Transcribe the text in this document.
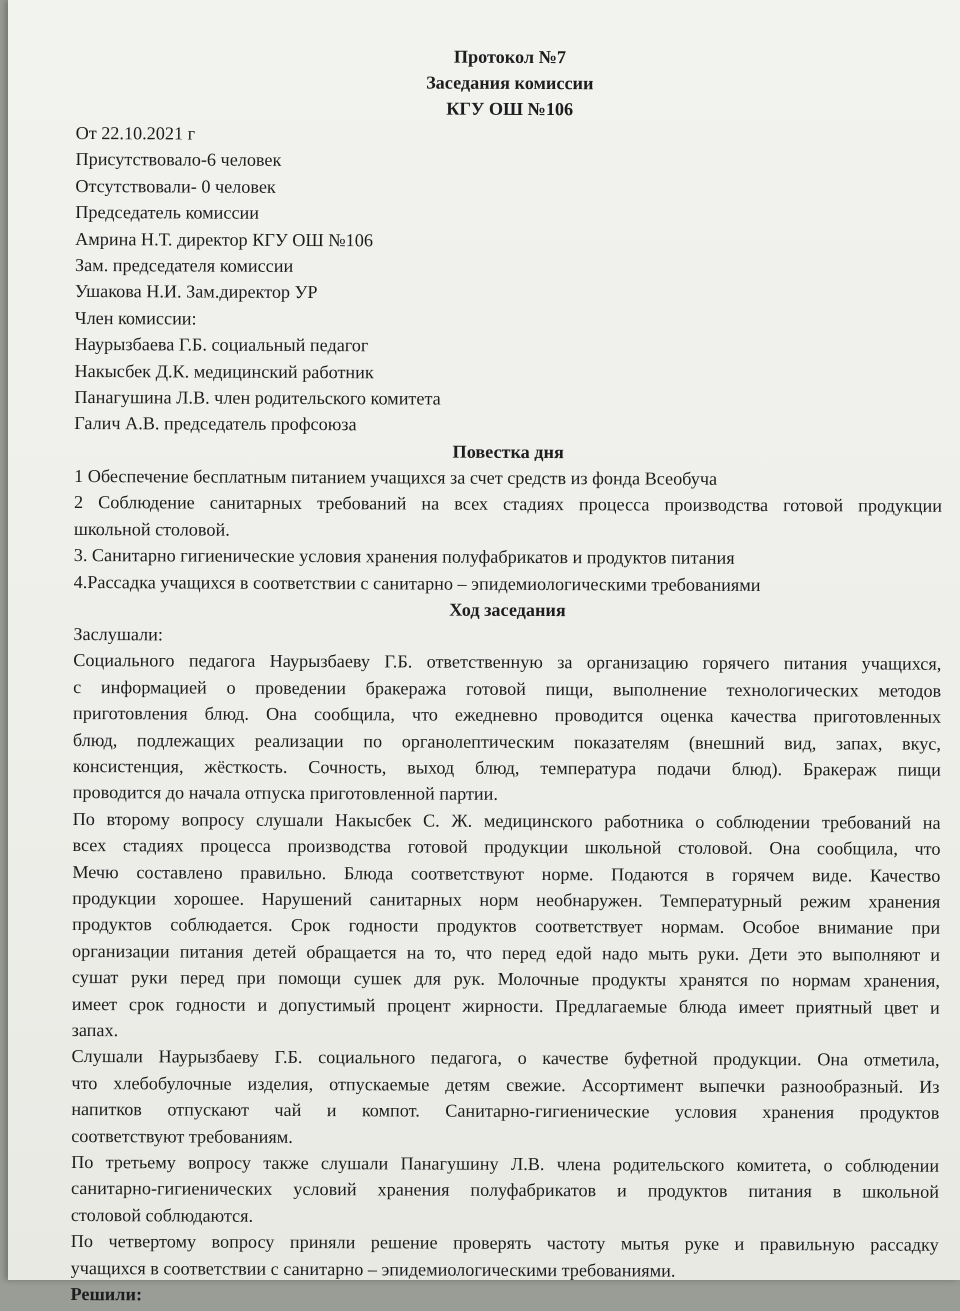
Протокол №7

Заседания комиссии

КГУ ОШ №106

От 22.10.2021 г

Присутствовало-6 человек

Отсутствовали- 0 человек

Председатель комиссии

Амрина Н.Т. директор КГУ ОШ №106

Зам. председателя комиссии

Ушакова Н.И. Зам.директор УР

Член комиссии:

Наурызбаева Г.Б. социальный педагог

Накысбек Д.К. медицинский работник

Панагушина Л.В. член родительского комитета

Галич А.В. председатель профсоюза

Повестка дня

1 Обеспечение бесплатным питанием учащихся за счет средств из фонда Всеобуча

2 Соблюдение санитарных требований на всех стадиях процесса производства готовой продукции
школьной столовой.

3. Санитарно гигиенические условия хранения полуфабрикатов и продуктов питания

4.Рассадка учащихся в соответствии с санитарно – эпидемиологическими требованиями

Ход заседания

Заслушали:

Социального педагога Наурызбаеву Г.Б. ответственную за организацию горячего питания учащихся,
с информацией о проведении бракеража готовой пищи, выполнение технологических методов
приготовления блюд. Она сообщила, что ежедневно проводится оценка качества приготовленных
блюд, подлежащих реализации по органолептическим показателям (внешний вид, запах, вкус,
консистенция, жёсткость. Сочность, выход блюд, температура подачи блюд). Бракераж пищи
проводится до начала отпуска приготовленной партии.
По второму вопросу слушали Накысбек С. Ж. медицинского работника о соблюдении требований на
всех стадиях процесса производства готовой продукции школьной столовой. Она сообщила, что
Мечю составлено правильно. Блюда соответствуют норме. Подаются в горячем виде. Качество
продукции хорошее. Нарушений санитарных норм необнаружен. Температурный режим хранения
продуктов соблюдается. Срок годности продуктов соответствует нормам. Особое внимание при
организации питания детей обращается на то, что перед едой надо мыть руки. Дети это выполняют и
сушат руки перед при помощи сушек для рук. Молочные продукты хранятся по нормам хранения,
имеет срок годности и допустимый процент жирности. Предлагаемые блюда имеет приятный цвет и
запах.
Слушали Наурызбаеву Г.Б. социального педагога, о качестве буфетной продукции. Она отметила,
что хлебобулочные изделия, отпускаемые детям свежие. Ассортимент выпечки разнообразный. Из
напитков отпускают чай и компот. Санитарно-гигиенические условия хранения продуктов
соответствуют требованиям.
По третьему вопросу также слушали Панагушину Л.В. члена родительского комитета, о соблюдении
санитарно-гигиенических условий хранения полуфабрикатов и продуктов питания в школьной
столовой соблюдаются.
По четвертому вопросу приняли решение проверять частоту мытья руке и правильную рассадку
учащихся в соответствии с санитарно – эпидемиологическими требованиями.

Решили:
